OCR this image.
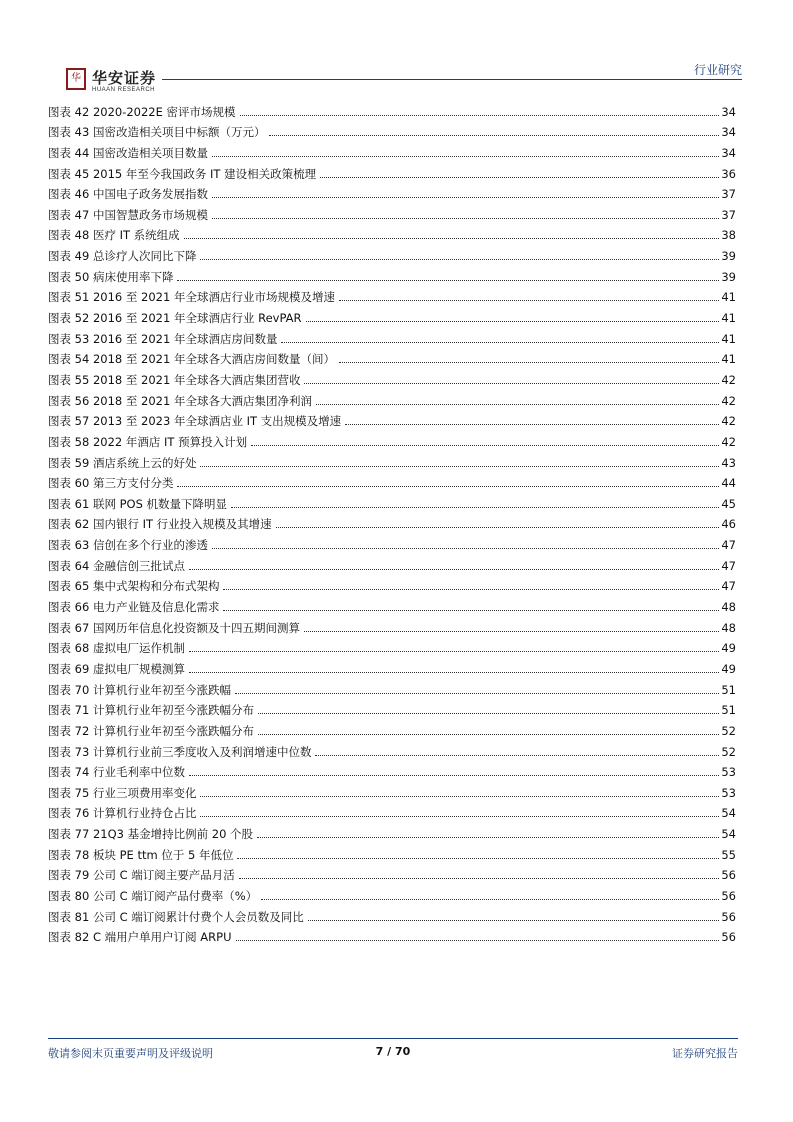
华 华安证券
HUAAN RESEARCH
行业研究
图表 42 2020-2022E 密评市场规模	34
图表 43 国密改造相关项目中标额（万元）	34
图表 44 国密改造相关项目数量	34
图表 45 2015 年至今我国政务 IT 建设相关政策梳理	36
图表 46 中国电子政务发展指数	37
图表 47 中国智慧政务市场规模	37
图表 48 医疗 IT 系统组成	38
图表 49 总诊疗人次同比下降	39
图表 50 病床使用率下降	39
图表 51 2016 至 2021 年全球酒店行业市场规模及增速	41
图表 52 2016 至 2021 年全球酒店行业 RevPAR	41
图表 53 2016 至 2021 年全球酒店房间数量	41
图表 54 2018 至 2021 年全球各大酒店房间数量（间）	41
图表 55 2018 至 2021 年全球各大酒店集团营收	42
图表 56 2018 至 2021 年全球各大酒店集团净利润	42
图表 57 2013 至 2023 年全球酒店业 IT 支出规模及增速	42
图表 58 2022 年酒店 IT 预算投入计划	42
图表 59 酒店系统上云的好处	43
图表 60 第三方支付分类	44
图表 61 联网 POS 机数量下降明显	45
图表 62 国内银行 IT 行业投入规模及其增速	46
图表 63 信创在多个行业的渗透	47
图表 64 金融信创三批试点	47
图表 65 集中式架构和分布式架构	47
图表 66 电力产业链及信息化需求	48
图表 67 国网历年信息化投资额及十四五期间测算	48
图表 68 虚拟电厂运作机制	49
图表 69 虚拟电厂规模测算	49
图表 70 计算机行业年初至今涨跌幅	51
图表 71 计算机行业年初至今涨跌幅分布	51
图表 72 计算机行业年初至今涨跌幅分布	52
图表 73 计算机行业前三季度收入及利润增速中位数	52
图表 74 行业毛利率中位数	53
图表 75 行业三项费用率变化	53
图表 76 计算机行业持仓占比	54
图表 77 21Q3 基金增持比例前 20 个股	54
图表 78 板块 PE ttm 位于 5 年低位	55
图表 79 公司 C 端订阅主要产品月活	56
图表 80 公司 C 端订阅产品付费率（%）	56
图表 81 公司 C 端订阅累计付费个人会员数及同比	56
图表 82 C 端用户单用户订阅 ARPU	56
敬请参阅末页重要声明及评级说明	7 / 70	证券研究报告
